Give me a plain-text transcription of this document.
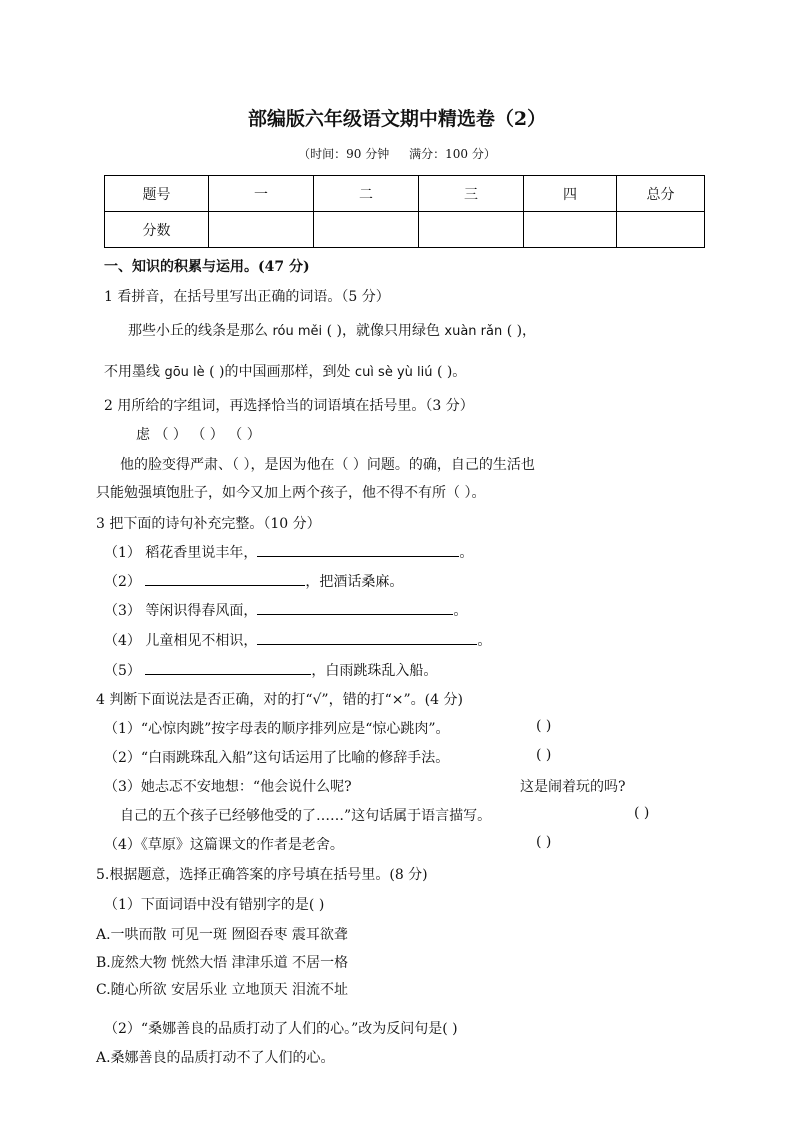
部编版六年级语文期中精选卷（2）
（时间：90 分钟 满分：100 分）
题号	一	二	三	四	总分
分数					
一、知识的积累与运用。(47 分)
1 看拼音，在括号里写出正确的词语。（5 分）
那些小丘的线条是那么 róu měi ( )，就像只用绿色 xuàn rǎn ( )，
不用墨线 gōu lè ( )的中国画那样，到处 cuì sè yù liú ( )。
2 用所给的字组词，再选择恰当的词语填在括号里。（3 分）
虑 （ ） （ ） （ ）
他的脸变得严肃、（ ），是因为他在（ ）问题。的确，自己的生活也
只能勉强填饱肚子，如今又加上两个孩子，他不得不有所（ ）。
3 把下面的诗句补充完整。（10 分）
（1） 稻花香里说丰年，	。
（2）	，把酒话桑麻。
（3） 等闲识得春风面，	。
（4） 儿童相见不相识，	。
（5）	，白雨跳珠乱入船。
4 判断下面说法是否正确，对的打“√”，错的打“×”。(4 分)
（1）“心惊肉跳”按字母表的顺序排列应是“惊心跳肉”。	( )
（2）“白雨跳珠乱入船”这句话运用了比喻的修辞手法。	( )
（3）她忐忑不安地想：“他会说什么呢?	这是闹着玩的吗?
自己的五个孩子已经够他受的了……”这句话属于语言描写。	( )
（4）《草原》这篇课文的作者是老舍。	( )
5.根据题意，选择正确答案的序号填在括号里。(8 分)
（1）下面词语中没有错别字的是( )
A.一哄而散 可见一斑 囫囵吞枣 震耳欲聋
B.庞然大物 恍然大悟 津津乐道 不居一格
C.随心所欲 安居乐业 立地顶天 泪流不址
（2）“桑娜善良的品质打动了人们的心。”改为反问句是( )
A.桑娜善良的品质打动不了人们的心。
